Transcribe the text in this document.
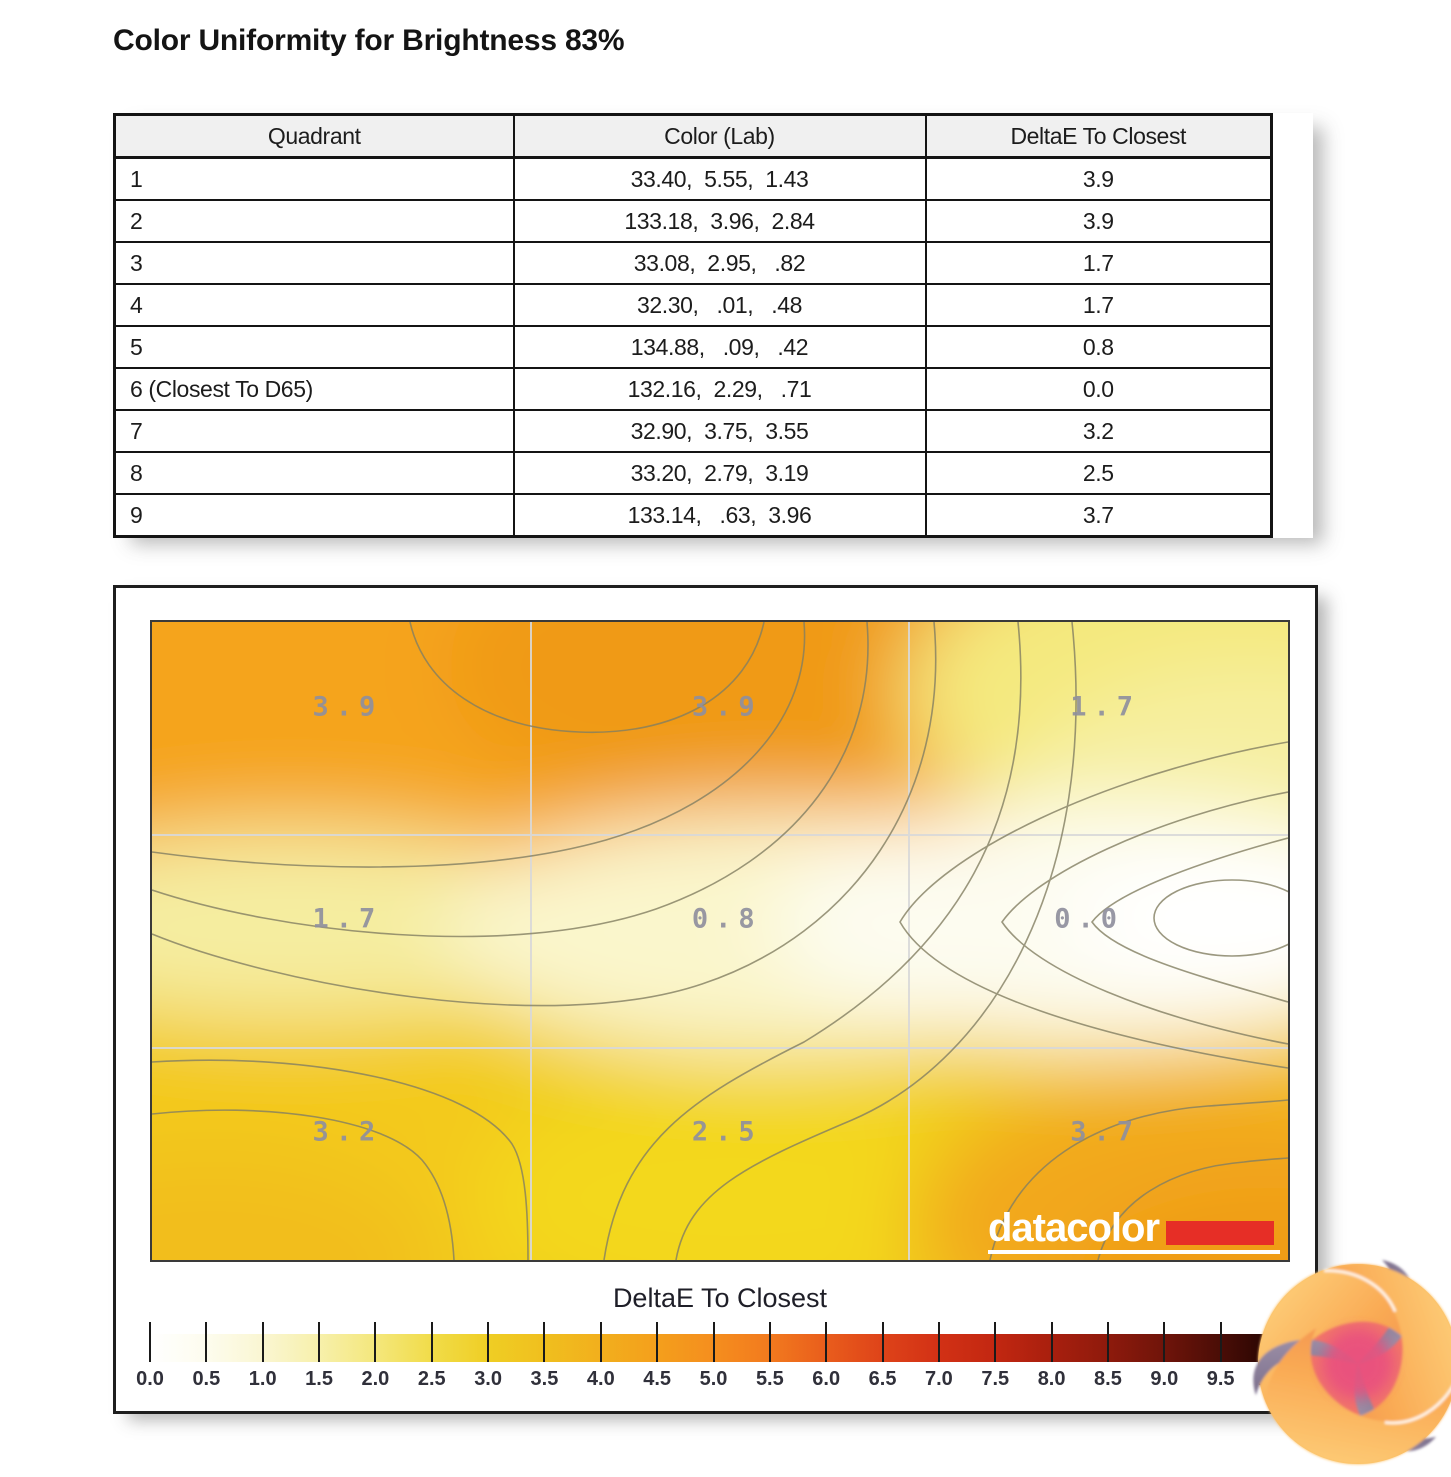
Color Uniformity for Brightness 83%
Quadrant	Color (Lab)	DeltaE To Closest
1	33.40,  5.55,  1.43	3.9
2	133.18,  3.96,  2.84	3.9
3	33.08,  2.95,   .82	1.7
4	32.30,   .01,   .48	1.7
5	134.88,   .09,   .42	0.8
6 (Closest To D65)	132.16,  2.29,   .71	0.0
7	32.90,  3.75,  3.55	3.2
8	33.20,  2.79,  3.19	2.5
9	133.14,   .63,  3.96	3.7
3.9	3.9	1.7
1.7	0.8	0.0
3.2	2.5	3.7
datacolor
DeltaE To Closest
0.0 0.5 1.0 1.5 2.0 2.5 3.0 3.5 4.0 4.5 5.0 5.5 6.0 6.5 7.0 7.5 8.0 8.5 9.0 9.5
